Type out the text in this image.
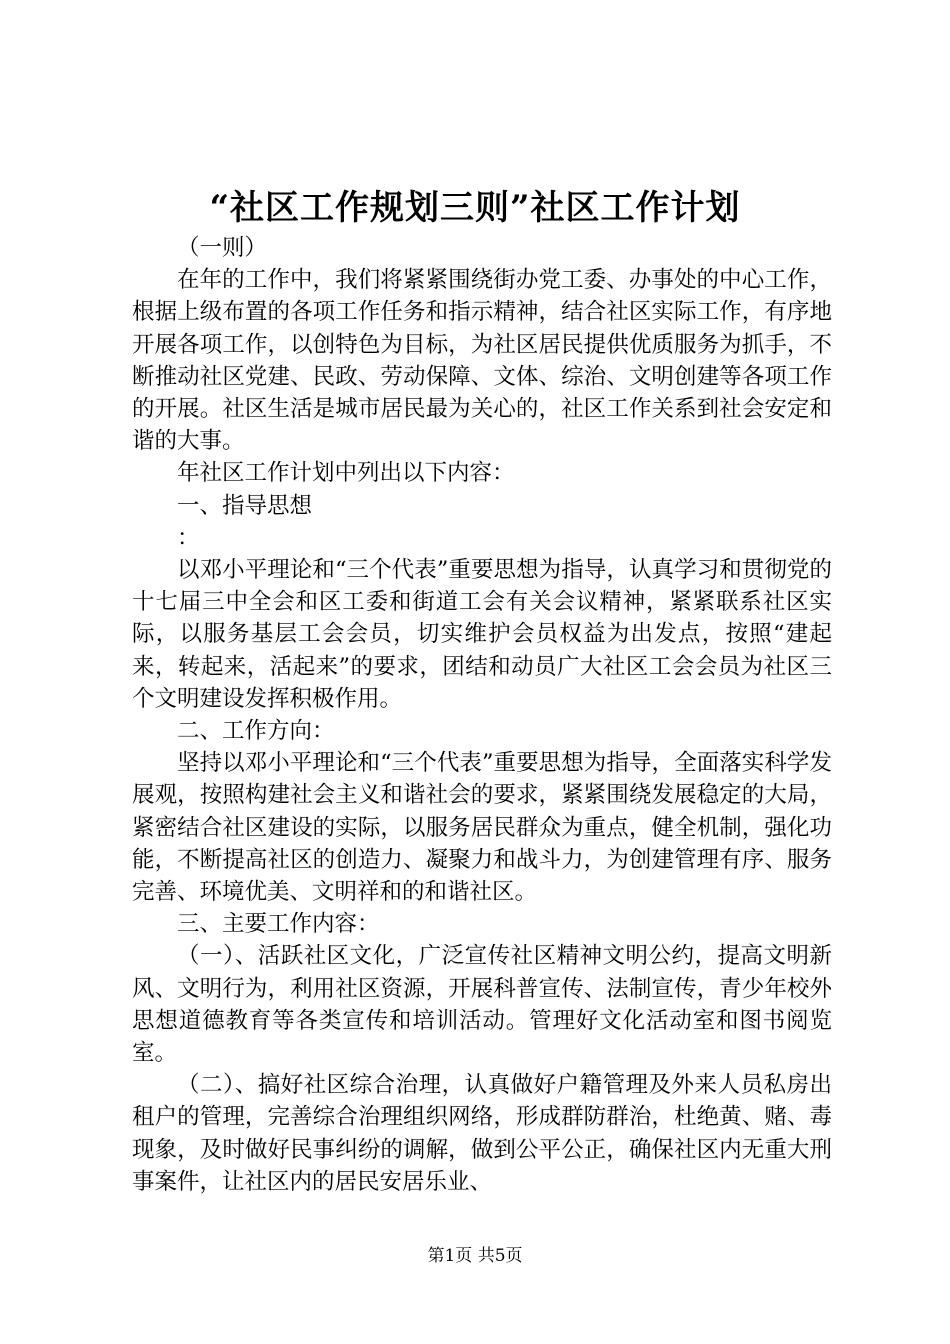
“社区工作规划三则”社区工作计划

（一则）

在年的工作中，我们将紧紧围绕街办党工委、办事处的中心工作，根据上级布置的各项工作任务和指示精神，结合社区实际工作，有序地开展各项工作，以创特色为目标，为社区居民提供优质服务为抓手，不断推动社区党建、民政、劳动保障、文体、综治、文明创建等各项工作的开展。社区生活是城市居民最为关心的，社区工作关系到社会安定和谐的大事。

年社区工作计划中列出以下内容：

一、指导思想

：

以邓小平理论和“三个代表”重要思想为指导，认真学习和贯彻党的十七届三中全会和区工委和街道工会有关会议精神，紧紧联系社区实际，以服务基层工会会员，切实维护会员权益为出发点，按照“建起来，转起来，活起来”的要求，团结和动员广大社区工会会员为社区三个文明建设发挥积极作用。

二、工作方向：

坚持以邓小平理论和“三个代表”重要思想为指导，全面落实科学发展观，按照构建社会主义和谐社会的要求，紧紧围绕发展稳定的大局，紧密结合社区建设的实际，以服务居民群众为重点，健全机制，强化功能，不断提高社区的创造力、凝聚力和战斗力，为创建管理有序、服务完善、环境优美、文明祥和的和谐社区。

三、主要工作内容：

（一）、活跃社区文化，广泛宣传社区精神文明公约，提高文明新风、文明行为，利用社区资源，开展科普宣传、法制宣传，青少年校外思想道德教育等各类宣传和培训活动。管理好文化活动室和图书阅览室。

（二）、搞好社区综合治理，认真做好户籍管理及外来人员私房出租户的管理，完善综合治理组织网络，形成群防群治，杜绝黄、赌、毒现象，及时做好民事纠纷的调解，做到公平公正，确保社区内无重大刑事案件，让社区内的居民安居乐业、

第1页 共5页
